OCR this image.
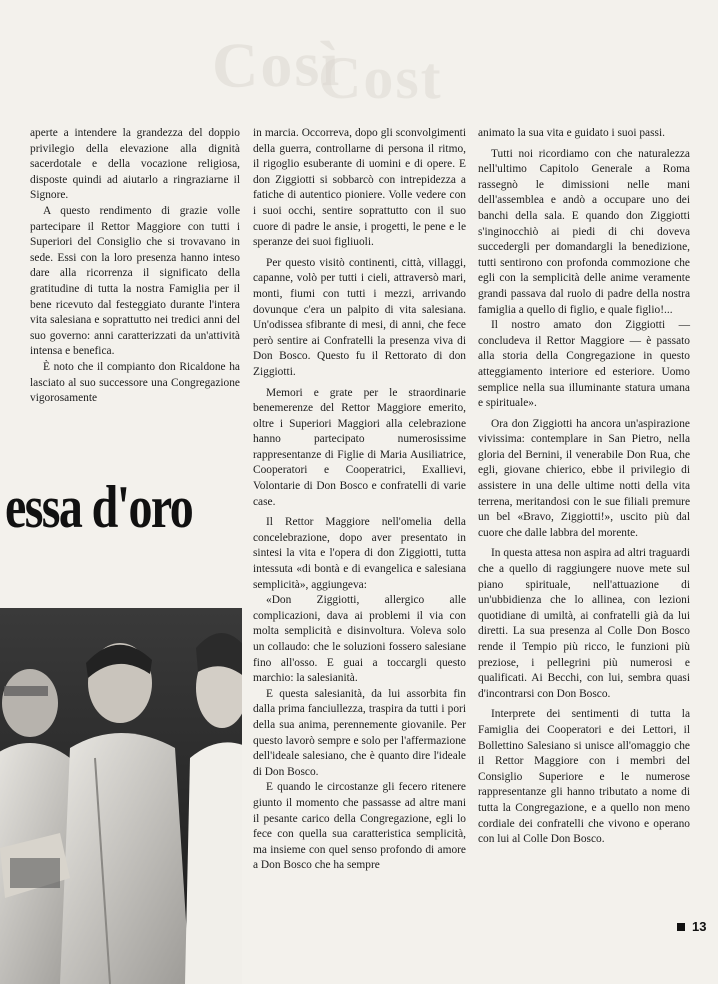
Così
Cost

aperte a intendere la grandezza del doppio privilegio della elevazione alla dignità sacerdotale e della vocazione religiosa, disposte quindi ad aiutarlo a ringraziarne il Signore.

A questo rendimento di grazie volle partecipare il Rettor Maggiore con tutti i Superiori del Consiglio che si trovavano in sede. Essi con la loro presenza hanno inteso dare alla ricorrenza il significato della gratitudine di tutta la nostra Famiglia per il bene ricevuto dal festeggiato durante l'intera vita salesiana e soprattutto nei tredici anni del suo governo: anni caratterizzati da un'attività intensa e benefica.

È noto che il compianto don Ricaldone ha lasciato al suo successore una Congregazione vigorosamente

essa d'oro

in marcia. Occorreva, dopo gli sconvolgimenti della guerra, controllarne di persona il ritmo, il rigoglio esuberante di uomini e di opere. E don Ziggiotti si sobbarcò con intrepidezza a fatiche di autentico pioniere. Volle vedere con i suoi occhi, sentire soprattutto con il suo cuore di padre le ansie, i progetti, le pene e le speranze dei suoi figliuoli.

Per questo visitò continenti, città, villaggi, capanne, volò per tutti i cieli, attraversò mari, monti, fiumi con tutti i mezzi, arrivando dovunque c'era un palpito di vita salesiana. Un'odissea sfibrante di mesi, di anni, che fece però sentire ai Confratelli la presenza viva di Don Bosco. Questo fu il Rettorato di don Ziggiotti.

Memori e grate per le straordinarie benemerenze del Rettor Maggiore emerito, oltre i Superiori Maggiori alla celebrazione hanno partecipato numerosissime rappresentanze di Figlie di Maria Ausiliatrice, Cooperatori e Cooperatrici, Exallievi, Volontarie di Don Bosco e confratelli di varie case.

Il Rettor Maggiore nell'omelia della concelebrazione, dopo aver presentato in sintesi la vita e l'opera di don Ziggiotti, tutta intessuta «di bontà e di evangelica e salesiana semplicità», aggiungeva:

«Don Ziggiotti, allergico alle complicazioni, dava ai problemi il via con molta semplicità e disinvoltura. Voleva solo un collaudo: che le soluzioni fossero salesiane fino all'osso. E guai a toccargli questo marchio: la salesianità.

E questa salesianità, da lui assorbita fin dalla prima fanciullezza, traspira da tutti i pori della sua anima, perennemente giovanile. Per questo lavorò sempre e solo per l'affermazione dell'ideale salesiano, che è quanto dire l'ideale di Don Bosco.

E quando le circostanze gli fecero ritenere giunto il momento che passasse ad altre mani il pesante carico della Congregazione, egli lo fece con quella sua caratteristica semplicità, ma insieme con quel senso profondo di amore a Don Bosco che ha sempre

animato la sua vita e guidato i suoi passi.

Tutti noi ricordiamo con che naturalezza nell'ultimo Capitolo Generale a Roma rassegnò le dimissioni nelle mani dell'assemblea e andò a occupare uno dei banchi della sala. E quando don Ziggiotti s'inginocchiò ai piedi di chi doveva succedergli per domandargli la benedizione, tutti sentirono con profonda commozione che egli con la semplicità delle anime veramente grandi passava dal ruolo di padre della nostra famiglia a quello di figlio, e quale figlio!...

Il nostro amato don Ziggiotti — concludeva il Rettor Maggiore — è passato alla storia della Congregazione in questo atteggiamento interiore ed esteriore. Uomo semplice nella sua illuminante statura umana e spirituale».

Ora don Ziggiotti ha ancora un'aspirazione vivissima: contemplare in San Pietro, nella gloria del Bernini, il venerabile Don Rua, che egli, giovane chierico, ebbe il privilegio di assistere in una delle ultime notti della vita terrena, meritandosi con le sue filiali premure un bel «Bravo, Ziggiotti!», uscito più dal cuore che dalle labbra del morente.

In questa attesa non aspira ad altri traguardi che a quello di raggiungere nuove mete sul piano spirituale, nell'attuazione di un'ubbidienza che lo allinea, con lezioni quotidiane di umiltà, ai confratelli già da lui diretti. La sua presenza al Colle Don Bosco rende il Tempio più ricco, le funzioni più preziose, i pellegrini più numerosi e qualificati. Ai Becchi, con lui, sembra quasi d'incontrarsi con Don Bosco.

Interprete dei sentimenti di tutta la Famiglia dei Cooperatori e dei Lettori, il Bollettino Salesiano si unisce all'omaggio che il Rettor Maggiore con i membri del Consiglio Superiore e le numerose rappresentanze gli hanno tributato a nome di tutta la Congregazione, e a quello non meno cordiale dei confratelli che vivono e operano con lui al Colle Don Bosco.

13
